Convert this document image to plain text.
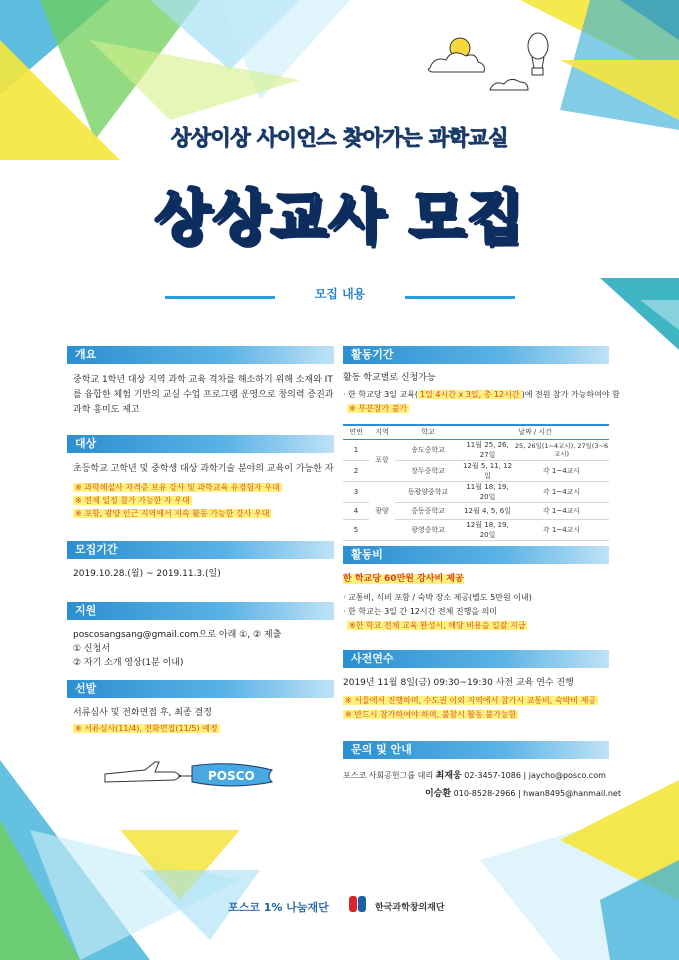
상상이상 사이언스 찾아가는 과학교실
상상교사 모집
모집 내용
개요
중학교 1학년 대상 지역 과학 교육 격차를 해소하기 위해 소재와 IT를 융합한 체험 기반의 교실 수업 프로그램 운영으로 창의력 증진과 과학 흥미도 제고
대상
초등학교 고학년 및 중학생 대상 과학기술 분야의 교육이 가능한 자
※ 과학해설사 자격증 보유 강사 및 과학교육 유경험자 우대
※ 전체 일정 참가 가능한 자 우대
※ 포항, 광양 인근 지역에서 지속 활동 가능한 강사 우대
모집기간
2019.10.28.(월) ~ 2019.11.3.(일)
지원
poscosangsang@gmail.com으로 아래 ①, ② 제출
① 신청서
② 자기 소개 영상(1분 이내)
선발
서류심사 및 전화면접 후, 최종 결정
※ 서류심사(11/4), 전화면접(11/5) 예정
POSCO
활동기간
활동 학교별로 신청가능
· 한 학교당 3일 교육( 1일 4시간 x 3일, 총 12시간 )에 전원 참가 가능하여야 함
※ 부분참가 불가
연번	지역	학교	날짜 / 시간	
1	포항	송도중학교	11월 25, 26, 27일	25, 26일(1~4교시), 27일(3~6교시)
2		장두중학교	12월 5, 11, 12일	각 1~4교시
3	광양	동광양중학교	11월 18, 19, 20일	각 1~4교시
4		중동중학교	12월 4, 5, 6일	각 1~4교시
5		광영중학교	12월 18, 19, 20일	각 1~4교시
활동비
한 학교당 60만원 강사비 제공
· 교통비, 식비 포함 / 숙박 장소 제공(별도 5만원 이내)
· 한 학교는 3일 간 12시간 전체 진행을 의미
※한 학교 전체 교육 완성시, 해당 비용을 일괄 지급
사전연수
2019년 11월 8일(금) 09:30~19:30 사전 교육 연수 진행
※ 서울에서 진행하며, 수도권 이외 지역에서 참가시 교통비, 숙박비 제공
※ 반드시 참가하여야 하며, 불참시 활동 불가능함
문의 및 안내
포스코 사회공헌그룹 대리 최재웅 02-3457-1086 | jaycho@posco.com
이승환 010-8528-2966 | hwan8495@hanmail.net
포스코 1% 나눔재단	한국과학창의재단
